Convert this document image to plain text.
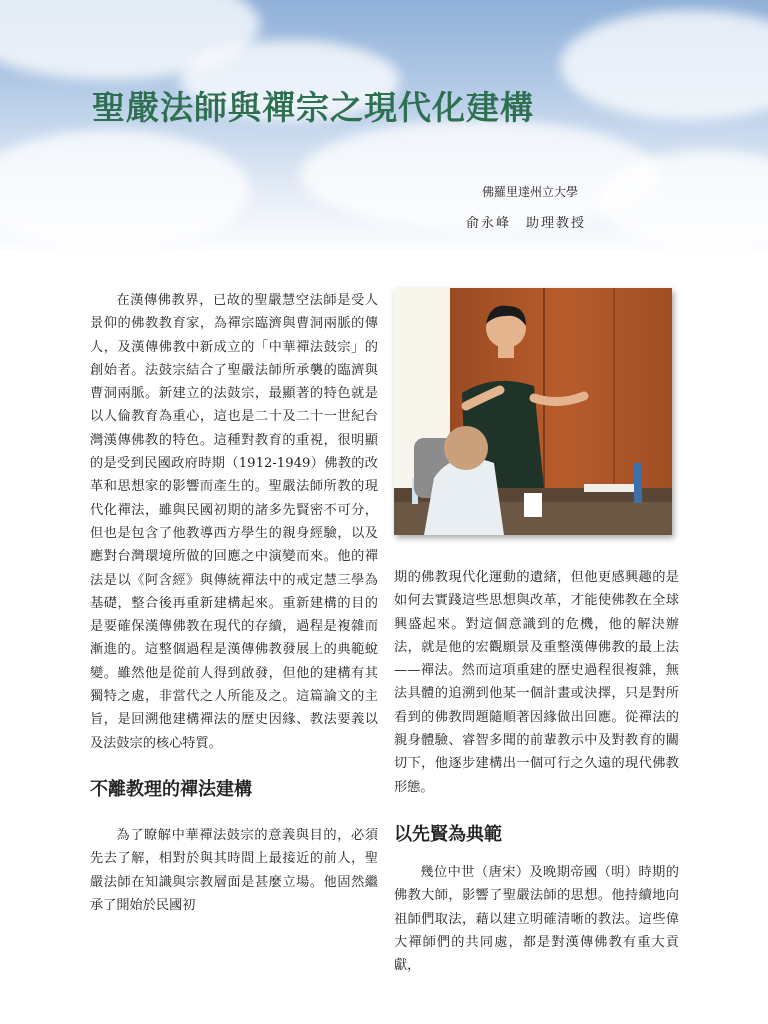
聖嚴法師與禪宗之現代化建構
佛羅里達州立大學
俞永峰　助理教授

在漢傳佛教界，已故的聖嚴慧空法師是受人景仰的佛教教育家，為禪宗臨濟與曹洞兩脈的傳人，及漢傳佛教中新成立的「中華禪法鼓宗」的創始者。法鼓宗結合了聖嚴法師所承襲的臨濟與曹洞兩脈。新建立的法鼓宗，最顯著的特色就是以人倫教育為重心，這也是二十及二十一世紀台灣漢傳佛教的特色。這種對教育的重視，很明顯的是受到民國政府時期（1912-1949）佛教的改革和思想家的影響而產生的。聖嚴法師所教的現代化禪法，雖與民國初期的諸多先賢密不可分，但也是包含了他教導西方學生的親身經驗，以及應對台灣環境所做的回應之中演變而來。他的禪法是以《阿含經》與傳統禪法中的戒定慧三學為基礎，整合後再重新建構起來。重新建構的目的是要確保漢傳佛教在現代的存續，過程是複雜而漸進的。這整個過程是漢傳佛教發展上的典範蛻變。雖然他是從前人得到啟發，但他的建構有其獨特之處，非當代之人所能及之。這篇論文的主旨，是回溯他建構禪法的歷史因緣、教法要義以及法鼓宗的核心特質。

不離教理的禪法建構

為了瞭解中華禪法鼓宗的意義與目的，必須先去了解，相對於與其時間上最接近的前人，聖嚴法師在知識與宗教層面是甚麼立場。他固然繼承了開始於民國初

期的佛教現代化運動的遺緒，但他更感興趣的是如何去實踐這些思想與改革，才能使佛教在全球興盛起來。對這個意識到的危機，他的解決辦法，就是他的宏觀願景及重整漢傳佛教的最上法——禪法。然而這項重建的歷史過程很複雜，無法具體的追溯到他某一個計畫或決擇，只是對所看到的佛教問題隨順著因緣做出回應。從禪法的親身體驗、睿智多聞的前輩教示中及對教育的關切下，他逐步建構出一個可行之久遠的現代佛教形態。

以先賢為典範

幾位中世（唐宋）及晚期帝國（明）時期的佛教大師，影響了聖嚴法師的思想。他持續地向祖師們取法，藉以建立明確清晰的教法。這些偉大禪師們的共同處，都是對漢傳佛教有重大貢獻，
